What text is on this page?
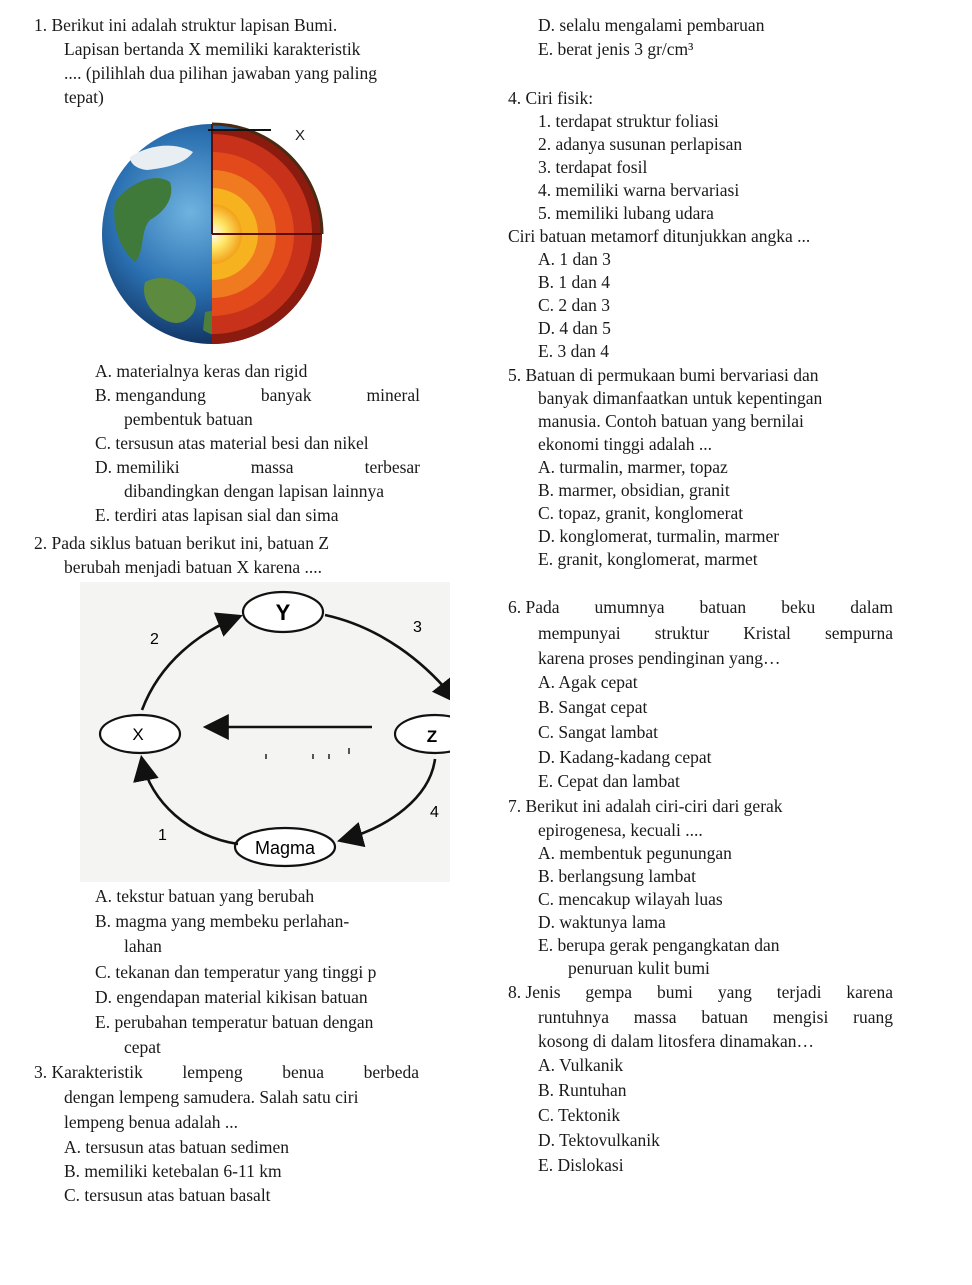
1. Berikut ini adalah struktur lapisan Bumi.
Lapisan bertanda X memiliki karakteristik
.... (pilihlah dua pilihan jawaban yang paling
tepat)
X
A. materialnya keras dan rigid
B. mengandung	banyak	mineral
pembentuk batuan
C. tersusun atas material besi dan nikel
D. memiliki	massa	terbesar
dibandingkan dengan lapisan lainnya
E. terdiri atas lapisan sial dan sima
2. Pada siklus batuan berikut ini, batuan Z
berubah menjadi batuan X karena ....
Y
X	Z
Magma
2
3
4
1
A. tekstur batuan yang berubah
B. magma yang membeku perlahan-
lahan
C. tekanan dan temperatur yang tinggi p
D. engendapan material kikisan batuan
E. perubahan temperatur batuan dengan
cepat
3. Karakteristik lempeng benua berbeda
dengan lempeng samudera. Salah satu ciri
lempeng benua adalah ...
A. tersusun atas batuan sedimen
B. memiliki ketebalan 6-11 km
C. tersusun atas batuan basalt
D. selalu mengalami pembaruan
E. berat jenis 3 gr/cm³
4. Ciri fisik:
1. terdapat struktur foliasi
2. adanya susunan perlapisan
3. terdapat fosil
4. memiliki warna bervariasi
5. memiliki lubang udara
Ciri batuan metamorf ditunjukkan angka ...
A. 1 dan 3
B. 1 dan 4
C. 2 dan 3
D. 4 dan 5
E. 3 dan 4
5. Batuan di permukaan bumi bervariasi dan
banyak dimanfaatkan untuk kepentingan
manusia. Contoh batuan yang bernilai
ekonomi tinggi adalah ...
A. turmalin, marmer, topaz
B. marmer, obsidian, granit
C. topaz, granit, konglomerat
D. konglomerat, turmalin, marmer
E. granit, konglomerat, marmet
6. Pada umumnya batuan beku dalam
mempunyai struktur Kristal sempurna
karena proses pendinginan yang…
A. Agak cepat
B. Sangat cepat
C. Sangat lambat
D. Kadang-kadang cepat
E. Cepat dan lambat
7. Berikut ini adalah ciri-ciri dari gerak
epirogenesa, kecuali ....
A. membentuk pegunungan
B. berlangsung lambat
C. mencakup wilayah luas
D. waktunya lama
E. berupa gerak pengangkatan dan
penuruan kulit bumi
8. Jenis gempa bumi yang terjadi karena
runtuhnya massa batuan mengisi ruang
kosong di dalam litosfera dinamakan…
A. Vulkanik
B. Runtuhan
C. Tektonik
D. Tektovulkanik
E. Dislokasi
